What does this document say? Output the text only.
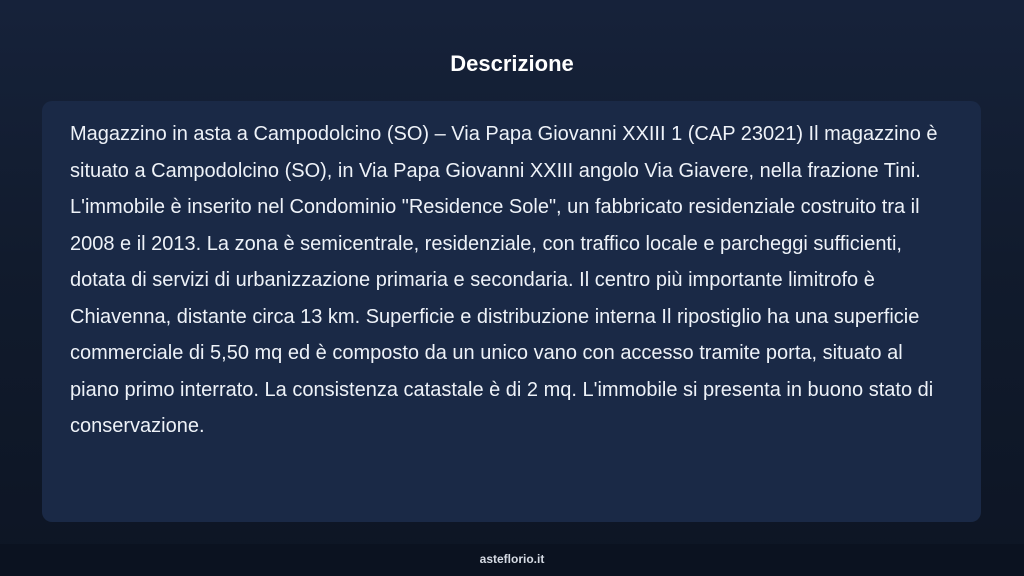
Descrizione

Magazzino in asta a Campodolcino (SO) – Via Papa Giovanni XXIII 1 (CAP 23021) Il magazzino è situato a Campodolcino (SO), in Via Papa Giovanni XXIII angolo Via Giavere, nella frazione Tini. L'immobile è inserito nel Condominio "Residence Sole", un fabbricato residenziale costruito tra il 2008 e il 2013. La zona è semicentrale, residenziale, con traffico locale e parcheggi sufficienti, dotata di servizi di urbanizzazione primaria e secondaria. Il centro più importante limitrofo è Chiavenna, distante circa 13 km. Superficie e distribuzione interna Il ripostiglio ha una superficie commerciale di 5,50 mq ed è composto da un unico vano con accesso tramite porta, situato al piano primo interrato. La consistenza catastale è di 2 mq. L'immobile si presenta in buono stato di conservazione.

asteflorio.it
